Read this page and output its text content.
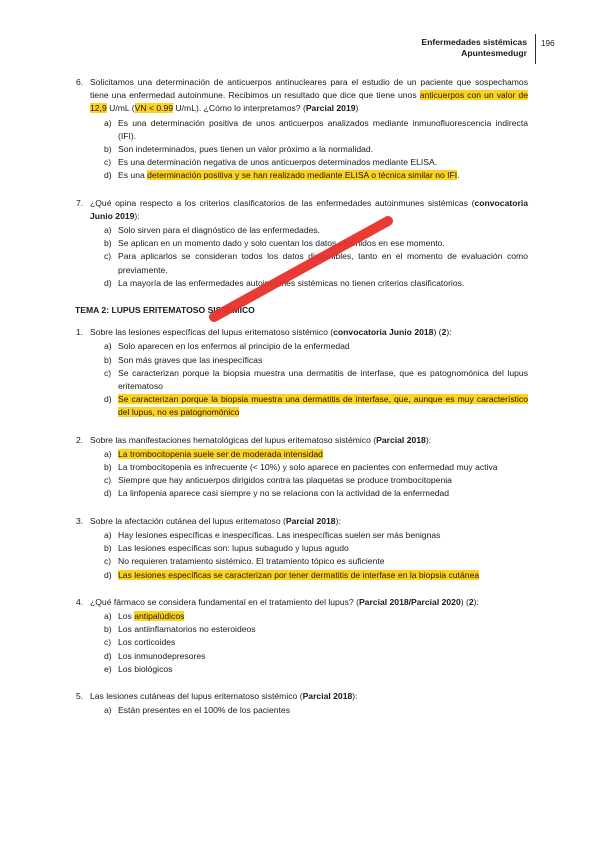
Enfermedades sistémicas
Apuntesmedugr
196
6. Solicitamos una determinación de anticuerpos antinucleares para el estudio de un paciente que sospechamos tiene una enfermedad autoinmune. Recibimos un resultado que dice que tiene unos anticuerpos con un valor de 12,9 U/mL (VN < 0.99 U/mL). ¿Cómo lo interpretamos? (Parcial 2019)
a) Es una determinación positiva de unos anticuerpos analizados mediante inmunofluorescencia indirecta (IFI).
b) Son indeterminados, pues tienen un valor próximo a la normalidad.
c) Es una determinación negativa de unos anticuerpos determinados mediante ELISA.
d) Es una determinación positiva y se han realizado mediante ELISA o técnica similar no IFI.
7. ¿Qué opina respecto a los criterios clasificatorios de las enfermedades autoinmunes sistémicas (convocatoria Junio 2019):
a) Solo sirven para el diagnóstico de las enfermedades.
b) Se aplican en un momento dado y solo cuentan los datos obtenidos en ese momento.
c) Para aplicarlos se consideran todos los datos disponibles, tanto en el momento de evaluación como previamente.
d) La mayoría de las enfermedades autoinmunes sistémicas no tienen criterios clasificatorios.
TEMA 2: LUPUS ERITEMATOSO SISTÉMICO
1. Sobre las lesiones específicas del lupus eritematoso sistémico (convocatoria Junio 2018) (2):
a) Solo aparecen en los enfermos al principio de la enfermedad
b) Son más graves que las inespecíficas
c) Se caracterizan porque la biopsia muestra una dermatitis de interfase, que es patognomónica del lupus eritematoso
d) Se caracterizan porque la biopsia muestra una dermatitis de interfase, que, aunque es muy característico del lupus, no es patognomónico
2. Sobre las manifestaciones hematológicas del lupus eritematoso sistémico (Parcial 2018):
a) La trombocitopenia suele ser de moderada intensidad
b) La trombocitopenia es infrecuente (< 10%) y solo aparece en pacientes con enfermedad muy activa
c) Siempre que hay anticuerpos dirigidos contra las plaquetas se produce trombocitopenia
d) La linfopenia aparece casi siempre y no se relaciona con la actividad de la enfermedad
3. Sobre la afectación cutánea del lupus eritematoso (Parcial 2018):
a) Hay lesiones específicas e inespecíficas. Las inespecíficas suelen ser más benignas
b) Las lesiones específicas son: lupus subagudo y lupus agudo
c) No requieren tratamiento sistémico. El tratamiento tópico es suficiente
d) Las lesiones específicas se caracterizan por tener dermatitis de interfase en la biopsia cutánea
4. ¿Qué fármaco se considera fundamental en el tratamiento del lupus? (Parcial 2018/Parcial 2020) (2):
a) Los antipalúdicos
b) Los antiinflamatorios no esteroideos
c) Los corticoides
d) Los inmunodepresores
e) Los biológicos
5. Las lesiones cutáneas del lupus eritematoso sistémico (Parcial 2018):
a) Están presentes en el 100% de los pacientes
